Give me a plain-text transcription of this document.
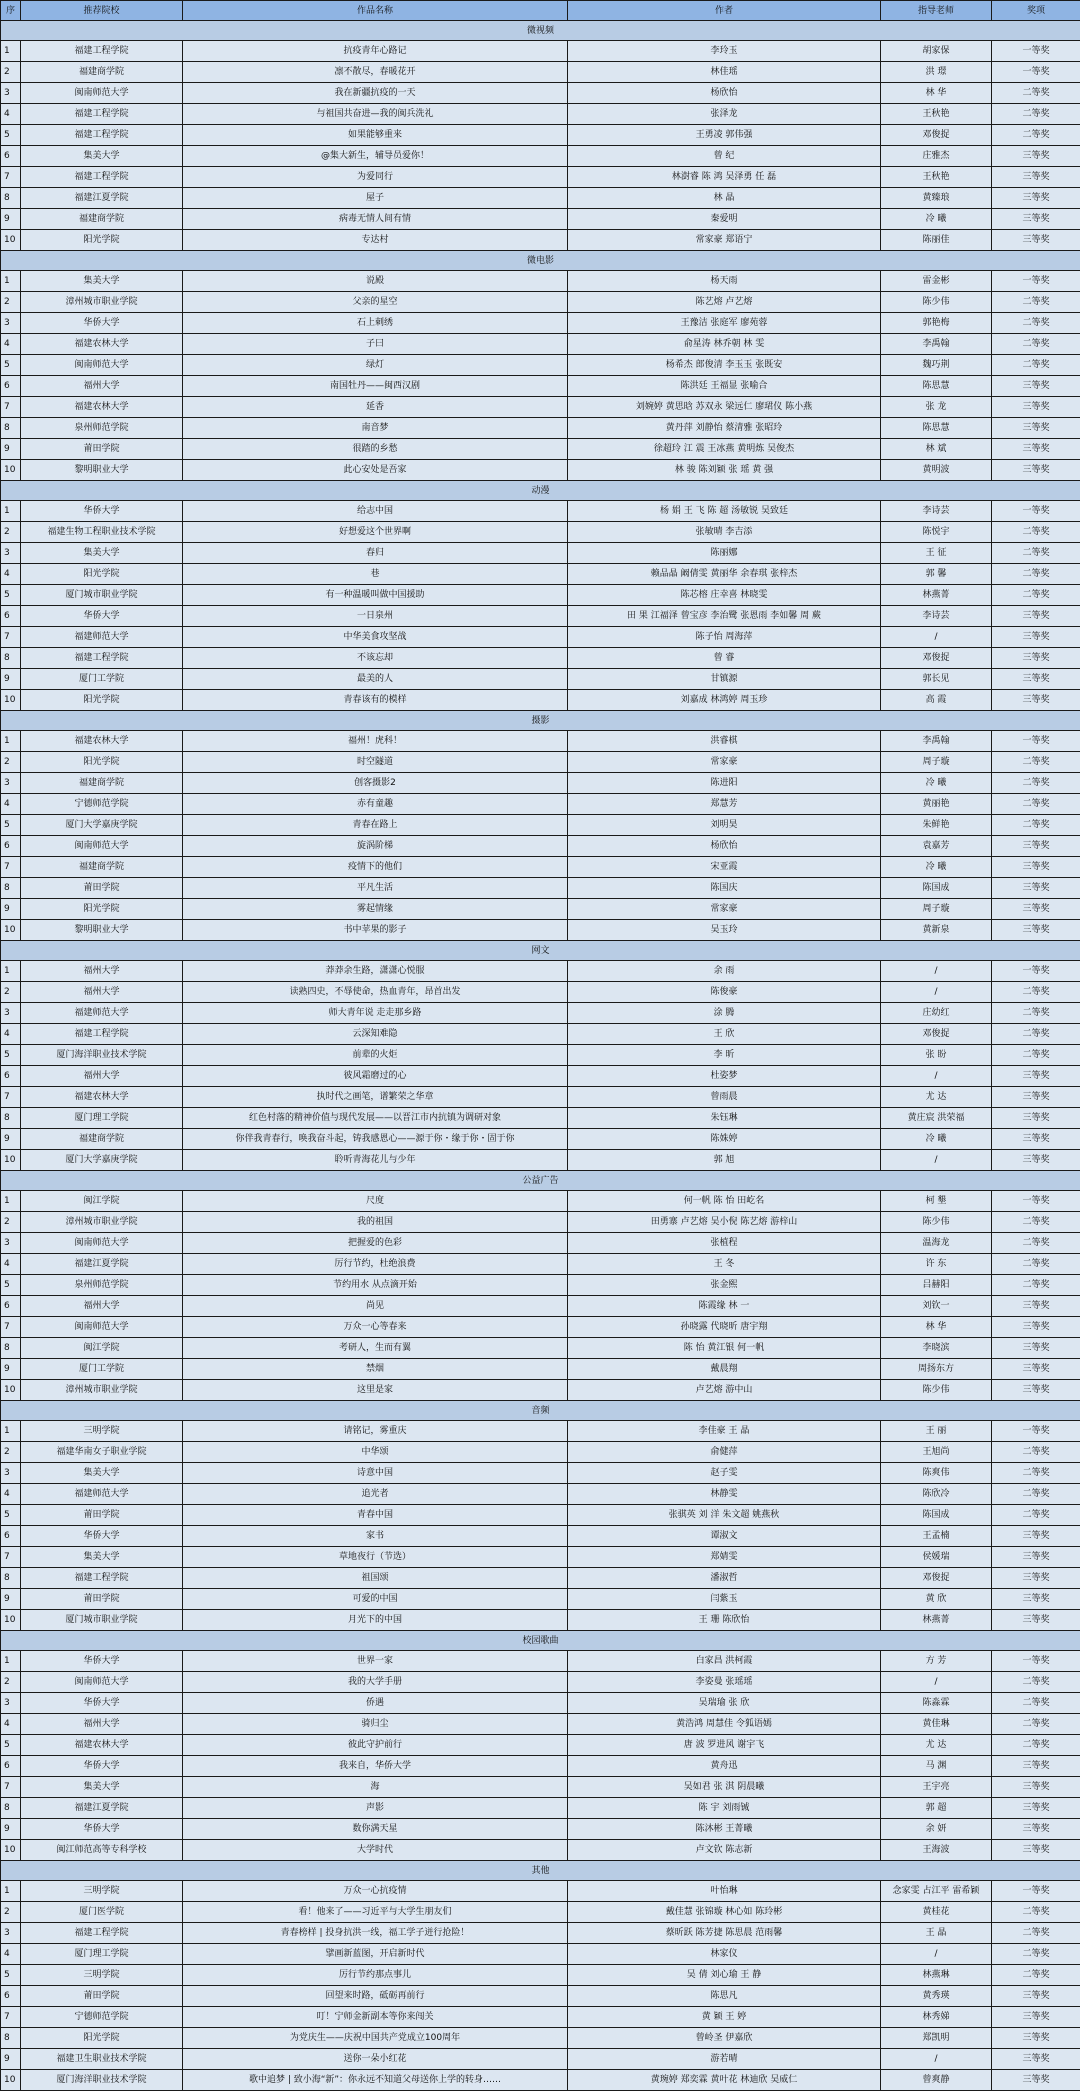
序	推荐院校	作品名称	作者	指导老师	奖项
微视频					
1	福建工程学院	抗疫青年心路记	李玲玉	胡家保	一等奖
2	福建商学院	凛不散尽，春暖花开	林佳瑶	洪 璟	一等奖
3	闽南师范大学	我在新疆抗疫的一天	杨欣怡	林 华	二等奖
4	福建工程学院	与祖国共奋进—我的闽兵洗礼	张泽龙	王秋艳	二等奖
5	福建工程学院	如果能够重来	王勇凌 郭伟强	邓俊捉	二等奖
6	集美大学	@集大新生，辅导员爱你！	曾 纪	庄雅杰	三等奖
7	福建工程学院	为爱同行	林澍睿 陈 鸿 吴泽勇 任 磊	王秋艳	三等奖
8	福建江夏学院	屋子	林 晶	黄臻琅	三等奖
9	福建商学院	病毒无情人间有情	秦爱明	冷 曦	三等奖
10	阳光学院	专达村	常家豪 郑语宁	陈丽佳	三等奖
微电影					
1	集美大学	说殿	杨天雨	雷金彬	一等奖
2	漳州城市职业学院	父亲的星空	陈艺熔 卢艺熔	陈少伟	二等奖
3	华侨大学	石上刺绣	王豫洁 张庭军 廖苑蓉	郭艳梅	二等奖
4	福建农林大学	子曰	俞星涛 林乔朝 林 雯	李禹翰	二等奖
5	闽南师范大学	绿灯	杨希杰 郎俊清 李玉玉 张既安	魏巧荆	二等奖
6	福州大学	南国牡丹——闽西汉剧	陈洪廷 王福显 张喻合	陈思慧	三等奖
7	福建农林大学	延香	刘婉婷 黄思晗 苏双永 梁远仁 廖珺仪 陈小燕	张 龙	三等奖
8	泉州师范学院	南音梦	黄丹萍 刘静怡 蔡清雅 张昭玲	陈思慧	三等奖
9	莆田学院	很踏的乡愁	徐超玲 江 震 王冰燕 黄明炼 吴俊杰	林 斌	三等奖
10	黎明职业大学	此心安处是吾家	林 骏 陈刘颖 张 瑶 黄 强	黄明波	三等奖
动漫					
1	华侨大学	给志中国	杨 娟 王 飞 陈 超 汤敏锐 吴致廷	李诗芸	一等奖
2	福建生物工程职业技术学院	好想爱这个世界啊	张敏晴 李吉添	陈悦宇	二等奖
3	集美大学	春归	陈丽娜	王 征	二等奖
4	阳光学院	巷	赖品晶 阚倩雯 黄丽华 余春琪 张梓杰	郭 馨	二等奖
5	厦门城市职业学院	有一种温暖叫做中国援助	陈芯榕 庄幸喜 林晓雯	林燕菁	二等奖
6	华侨大学	一日泉州	田 果 江福泽 曾宝彦 李治鹭 张恩雨 李如馨 周 蕨	李诗芸	三等奖
7	福建师范大学	中华美食攻坚战	陈子怡 周海萍	/	三等奖
8	福建工程学院	不该忘却	曾 睿	邓俊捉	三等奖
9	厦门工学院	最美的人	甘镇源	郭长见	三等奖
10	阳光学院	青春该有的模样	刘嘉成 林鸿婷 周玉珍	高 霞	三等奖
摄影					
1	福建农林大学	福州！虎科！	洪睿棋	李禹翰	一等奖
2	阳光学院	时空隧道	常家豪	周子璇	二等奖
3	福建商学院	创客摄影2	陈进阳	冷 曦	二等奖
4	宁德师范学院	赤有童趣	郑慧芳	黄丽艳	二等奖
5	厦门大学嘉庚学院	青春在路上	刘明昊	朱鲜艳	二等奖
6	闽南师范大学	旋涡阶梯	杨欣怡	袁嘉芳	三等奖
7	福建商学院	疫情下的他们	宋亚霞	冷 曦	三等奖
8	莆田学院	平凡生活	陈国庆	陈国成	三等奖
9	阳光学院	雾起情缘	常家豪	周子璇	三等奖
10	黎明职业大学	书中苹果的影子	吴玉玲	黄新泉	三等奖
网文					
1	福州大学	莽莽余生路，潇潇心悦服	余 雨	/	一等奖
2	福州大学	读熟四史，不辱使命，热血青年，昂首出发	陈俊豪	/	二等奖
3	福建师范大学	师大青年说 走走那乡路	涂 腾	庄幼红	二等奖
4	福建工程学院	云深知难隐	王 欣	邓俊捉	二等奖
5	厦门海洋职业技术学院	前辈的火炬	李 昕	张 盼	二等奖
6	福州大学	彼风霜磨过的心	杜姿梦	/	三等奖
7	福建农林大学	执时代之画笔，谱繁荣之华章	曾雨晨	尤 达	三等奖
8	厦门理工学院	红色村落的精神价值与现代发展——以晋江市内抗镇为调研对象	朱钰琳	黄庄宸 洪荣福	三等奖
9	福建商学院	你伴我青春行，唤我奋斗起，铸我感恩心——源于你・缘于你・固于你	陈姝婷	冷 曦	三等奖
10	厦门大学嘉庚学院	聆听青海花儿与少年	郭 旭	/	三等奖
公益广告					
1	闽江学院	尺度	何一帆 陈 怡 田屹名	柯 墾	一等奖
2	漳州城市职业学院	我的祖国	田勇寨 卢艺熔 吴小倪 陈艺熔 游梓山	陈少伟	二等奖
3	闽南师范大学	把握爱的色彩	张植程	温海龙	二等奖
4	福建江夏学院	厉行节约，杜绝浪费	王 冬	许 东	二等奖
5	泉州师范学院	节约用水 从点滴开始	张金熙	吕赫阳	二等奖
6	福州大学	尚见	陈霞缘 林 一	刘钦一	三等奖
7	闽南师范大学	万众一心等春来	孙晓露 代晓昕 唐宇翔	林 华	三等奖
8	闽江学院	考研人，生而有翼	陈 怡 黄江银 何一帆	李晓滨	三等奖
9	厦门工学院	禁烟	戴晨翔	周扬东方	三等奖
10	漳州城市职业学院	这里是家	卢艺熔 游中山	陈少伟	三等奖
音频					
1	三明学院	请铭记，雾重庆	李佳豪 王 晶	王 丽	一等奖
2	福建华南女子职业学院	中华颂	俞健萍	王旭尚	二等奖
3	集美大学	诗意中国	赵子雯	陈爽伟	二等奖
4	福建师范大学	追光者	林静雯	陈欣冷	二等奖
5	莆田学院	青春中国	张骐英 刘 洋 朱文超 姚燕秋	陈国成	二等奖
6	华侨大学	家书	谭淑文	王孟楠	三等奖
7	集美大学	草地夜行（节选）	郑婧雯	侯媛瑞	三等奖
8	福建工程学院	祖国颂	潘淑哲	邓俊捉	三等奖
9	莆田学院	可爱的中国	闫紫玉	黄 欣	三等奖
10	厦门城市职业学院	月光下的中国	王 珊 陈欣怡	林燕菁	三等奖
校园歌曲					
1	华侨大学	世界一家	白家昌 洪柯霞	方 芳	一等奖
2	闽南师范大学	我的大学手册	李姿曼 张瑶瑶	/	二等奖
3	华侨大学	侨遇	吴瑞瑜 张 欣	陈淼霖	二等奖
4	福州大学	骑归尘	黄浩鸿 周慧佳 令狐语嫣	黄佳琳	二等奖
5	福建农林大学	彼此守护前行	唐 波 罗进风 谢宇飞	尤 达	二等奖
6	华侨大学	我来自，华侨大学	黄舟迅	马 渊	三等奖
7	集美大学	海	吴如君 张 淇 阴晨曦	王宇亮	三等奖
8	福建江夏学院	声影	陈 宇 刘雨铖	郭 超	三等奖
9	华侨大学	数你满天星	陈沐彬 王菁曦	余 妍	三等奖
10	闽江师范高等专科学校	大学时代	卢文钦 陈志新	王海波	三等奖
其他					
1	三明学院	万众一心抗疫情	叶怡琳	念家雯 占江平 雷希颖	一等奖
2	厦门医学院	看！他来了——习近平与大学生朋友们	戴佳慧 张锦璇 林心如 陈玲彬	黄桂花	二等奖
3	福建工程学院	青春榜样 | 投身抗洪一线，福工学子迸行抢险！	蔡昕跃 陈芳捷 陈思晨 范雨馨	王 晶	二等奖
4	厦门理工学院	擘画新蓝图，开启新时代	林家仪	/	二等奖
5	三明学院	厉行节约那点事儿	吴 倩 刘心瑜 王 静	林燕琳	二等奖
6	莆田学院	回望来时路，砥砺再前行	陈思凡	黄秀瑛	三等奖
7	宁德师范学院	叮！宁师金新副本等你来闯关	黄 颖 王 婷	林秀娣	三等奖
8	阳光学院	为党庆生——庆祝中国共产党成立100周年	曾岭圣 伊嘉欣	郑凯明	三等奖
9	福建卫生职业技术学院	送你一朵小红花	游若晴	/	三等奖
10	厦门海洋职业技术学院	歌中追梦 | 致小海“新”：你永远不知道父母送你上学的转身……	黄琬婷 郑奕霖 黄叶花 林迪欣 吴威仁	曾爽静	三等奖
